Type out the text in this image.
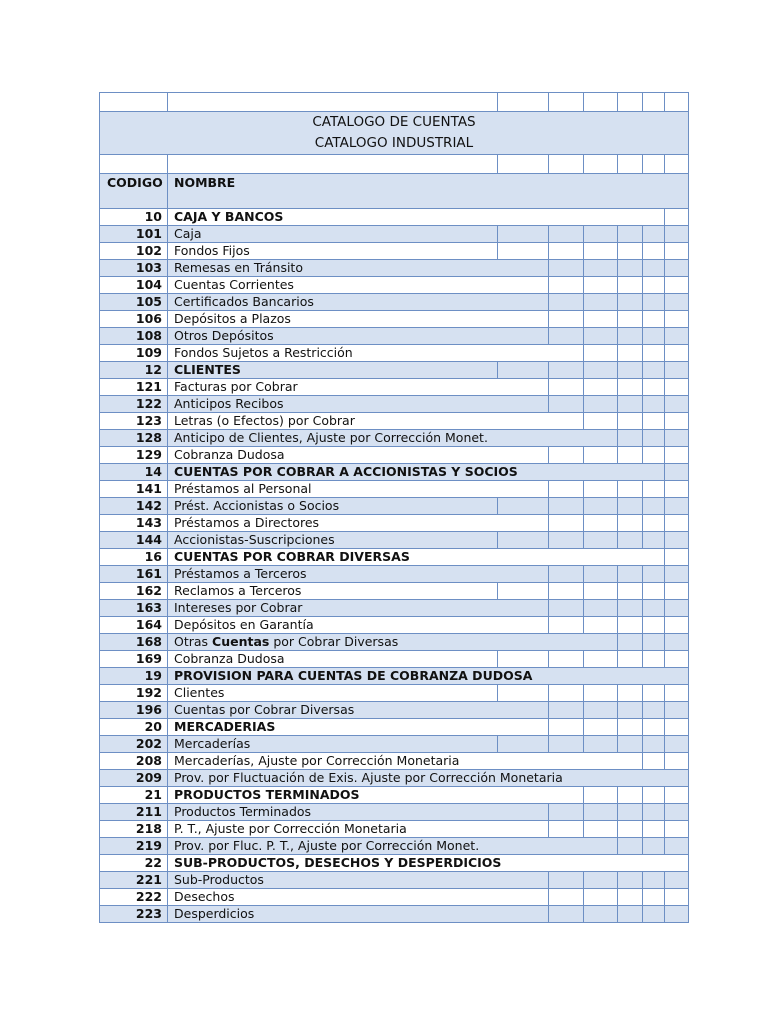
CATALOGO DE CUENTAS
CATALOGO INDUSTRIAL							

CODIGO	NOMBRE						
10	CAJA Y BANCOS						
101	Caja						
102	Fondos Fijos						
103	Remesas en Tránsito						
104	Cuentas Corrientes						
105	Certificados Bancarios						
106	Depósitos a Plazos						
108	Otros Depósitos						
109	Fondos Sujetos a Restricción						
12	CLIENTES						
121	Facturas por Cobrar						
122	Anticipos Recibos						
123	Letras (o Efectos) por Cobrar						
128	Anticipo de Clientes, Ajuste por Corrección Monet.						
129	Cobranza Dudosa						
14	CUENTAS POR COBRAR A ACCIONISTAS Y SOCIOS						
141	Préstamos al Personal						
142	Prést. Accionistas o Socios						
143	Préstamos a Directores						
144	Accionistas-Suscripciones						
16	CUENTAS POR COBRAR DIVERSAS						
161	Préstamos a Terceros						
162	Reclamos a Terceros						
163	Intereses por Cobrar						
164	Depósitos en Garantía						
168	Otras Cuentas por Cobrar Diversas						
169	Cobranza Dudosa						
19	PROVISION PARA CUENTAS DE COBRANZA DUDOSA						
192	Clientes						
196	Cuentas por Cobrar Diversas						
20	MERCADERIAS						
202	Mercaderías						
208	Mercaderías, Ajuste por Corrección Monetaria						
209	Prov. por Fluctuación de Exis. Ajuste por Corrección Monetaria						
21	PRODUCTOS TERMINADOS						
211	Productos Terminados						
218	P. T., Ajuste por Corrección Monetaria						
219	Prov. por Fluc. P. T., Ajuste por Corrección Monet.						
22	SUB-PRODUCTOS, DESECHOS Y DESPERDICIOS						
221	Sub-Productos						
222	Desechos						
223	Desperdicios						
